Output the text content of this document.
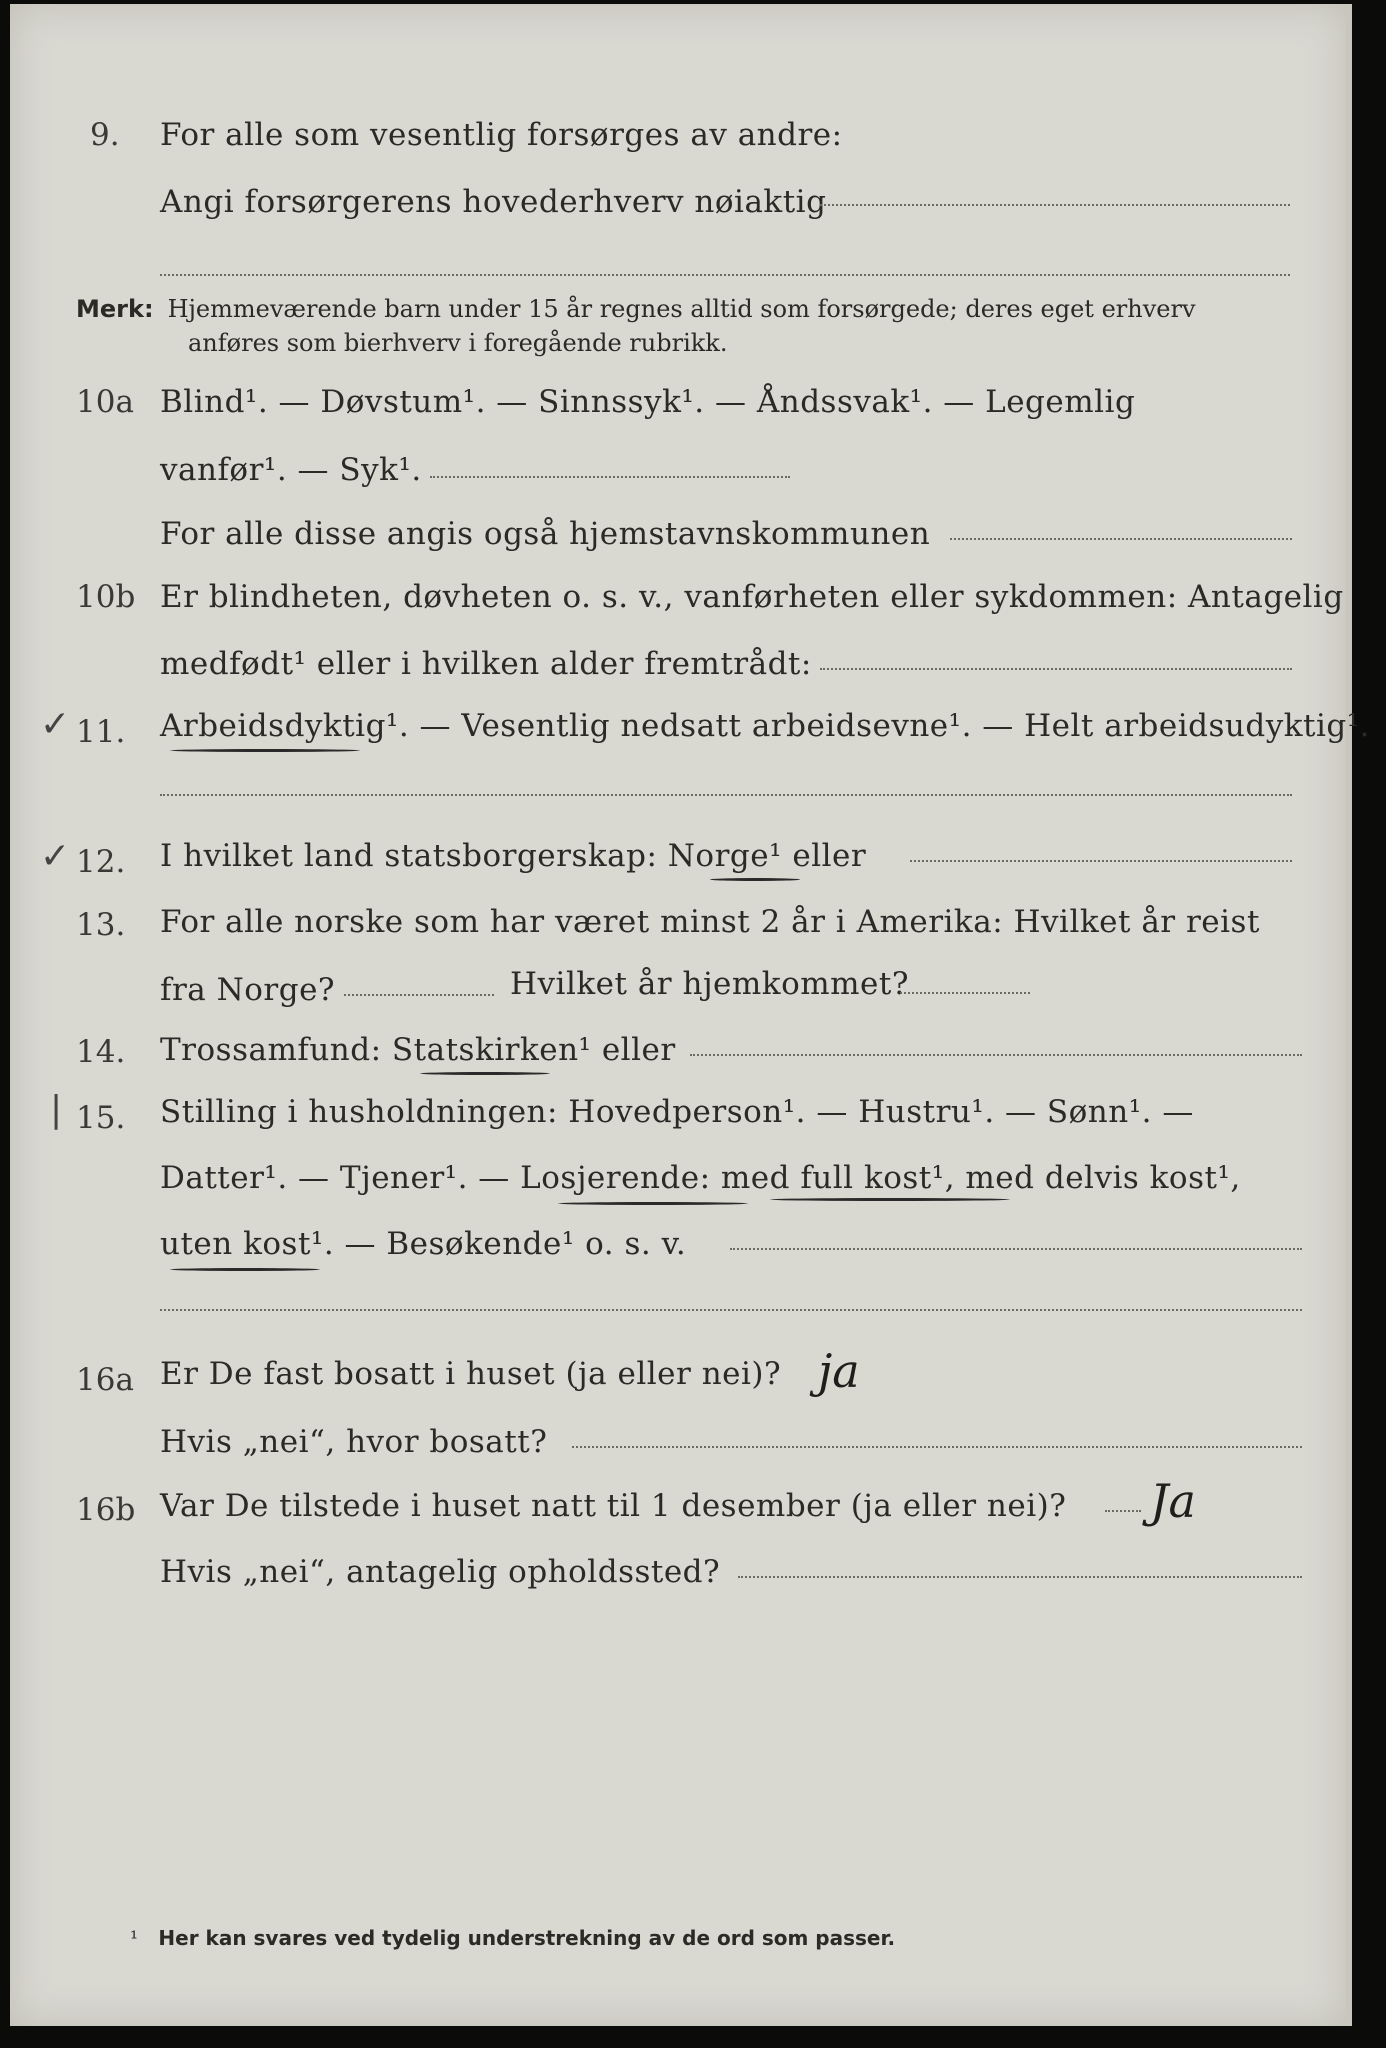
9. For alle som vesentlig forsørges av andre:
Angi forsørgerens hovederhverv nøiaktig
Merk: Hjemmeværende barn under 15 år regnes alltid som forsørgede; deres eget erhverv
anføres som bierhverv i foregående rubrikk.
10a Blind¹. — Døvstum¹. — Sinnssyk¹. — Åndssvak¹. — Legemlig
vanfør¹. — Syk¹.
For alle disse angis også hjemstavnskommunen
10b Er blindheten, døvheten o. s. v., vanførheten eller sykdommen: Antagelig
medfødt¹ eller i hvilken alder fremtrådt:
✓ 11. Arbeidsdyktig¹. — Vesentlig nedsatt arbeidsevne¹. — Helt arbeidsudyktig¹.
✓ 12. I hvilket land statsborgerskap: Norge¹ eller
13. For alle norske som har været minst 2 år i Amerika: Hvilket år reist
fra Norge?	Hvilket år hjemkommet?
14. Trossamfund: Statskirken¹ eller
| 15. Stilling i husholdningen: Hovedperson¹. — Hustru¹. — Sønn¹. —
Datter¹. — Tjener¹. — Losjerende: med full kost¹, med delvis kost¹,
uten kost¹. — Besøkende¹ o. s. v.
16a Er De fast bosatt i huset (ja eller nei)? ja
Hvis „nei“, hvor bosatt?
16b Var De tilstede i huset natt til 1 desember (ja eller nei)? Ja
Hvis „nei“, antagelig opholdssted?
¹ Her kan svares ved tydelig understrekning av de ord som passer.
